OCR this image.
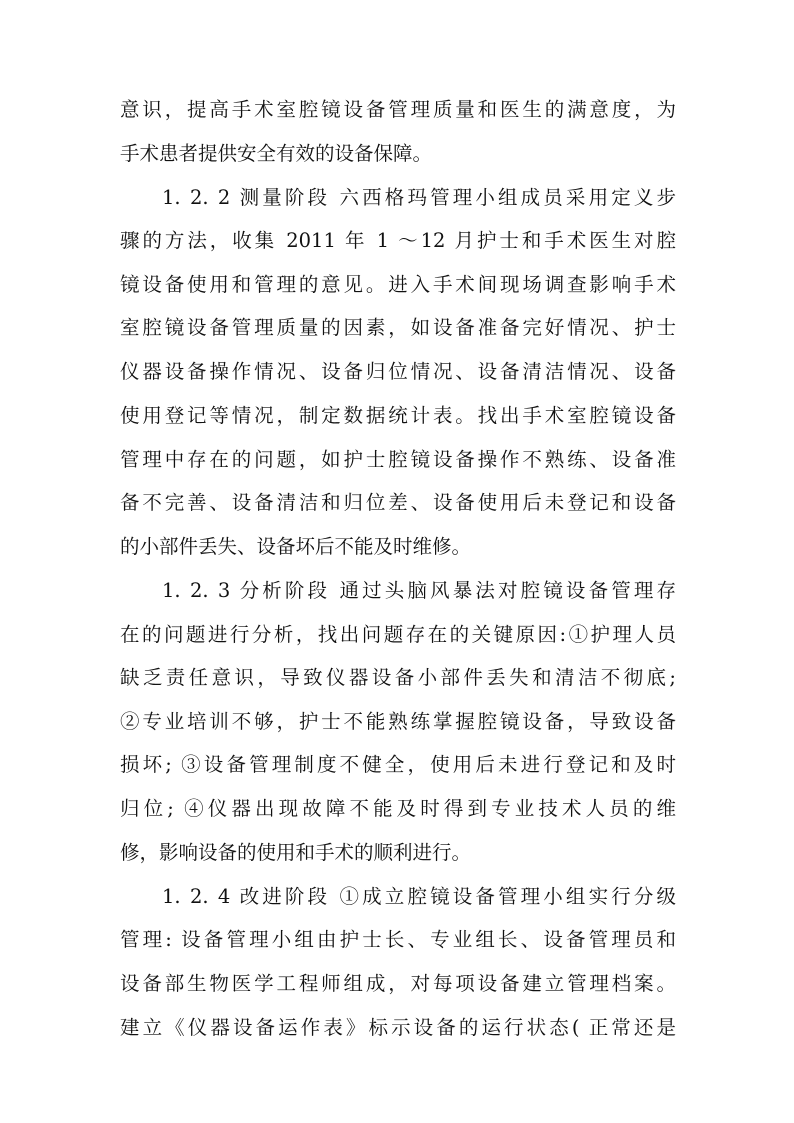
意识，提高手术室腔镜设备管理质量和医生的满意度，为
手术患者提供安全有效的设备保障。
1. 2. 2 测量阶段 六西格玛管理小组成员采用定义步
骤的方法，收集 2011 年 1 ～12 月护士和手术医生对腔
镜设备使用和管理的意见。进入手术间现场调查影响手术
室腔镜设备管理质量的因素，如设备准备完好情况、护士
仪器设备操作情况、设备归位情况、设备清洁情况、设备
使用登记等情况，制定数据统计表。找出手术室腔镜设备
管理中存在的问题，如护士腔镜设备操作不熟练、设备准
备不完善、设备清洁和归位差、设备使用后未登记和设备
的小部件丢失、设备坏后不能及时维修。
1. 2. 3 分析阶段 通过头脑风暴法对腔镜设备管理存
在的问题进行分析，找出问题存在的关键原因:①护理人员
缺乏责任意识，导致仪器设备小部件丢失和清洁不彻底;
②专业培训不够，护士不能熟练掌握腔镜设备，导致设备
损坏; ③设备管理制度不健全，使用后未进行登记和及时
归位; ④仪器出现故障不能及时得到专业技术人员的维
修，影响设备的使用和手术的顺利进行。
1. 2. 4 改进阶段 ①成立腔镜设备管理小组实行分级
管理: 设备管理小组由护士长、专业组长、设备管理员和
设备部生物医学工程师组成，对每项设备建立管理档案。
建立《仪器设备运作表》标示设备的运行状态( 正常还是
